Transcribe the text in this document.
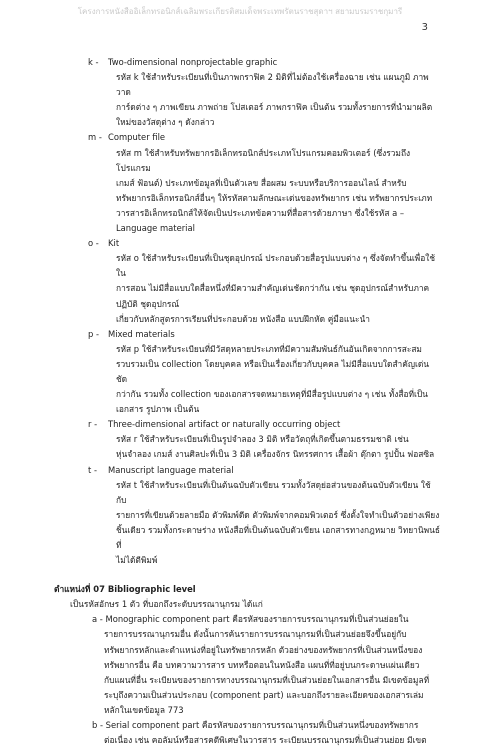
โครงการหนังสืออิเล็กทรอนิกส์เฉลิมพระเกียรติสมเด็จพระเทพรัตนราชสุดาฯ สยามบรมราชกุมารี
3
k - Two-dimensional nonprojectable graphic

รหัส k ใช้สำหรับระเบียนที่เป็นภาพกราฟิค 2 มิติที่ไม่ต้องใช้เครื่องฉาย เช่น แผนภูมิ ภาพวาด

การ์ดต่าง ๆ ภาพเขียน ภาพถ่าย โปสเตอร์ ภาพกราฟิค เป็นต้น รวมทั้งรายการที่นำมาผลิต

ใหม่ของวัสดุต่าง ๆ ดังกล่าว

m - Computer file

รหัส m ใช้สำหรับทรัพยากรอิเล็กทรอนิกส์ประเภทโปรแกรมคอมพิวเตอร์ (ซึ่งรวมถึงโปรแกรม

เกมส์ ฟ้อนต์) ประเภทข้อมูลที่เป็นตัวเลข สื่อผสม ระบบหรือบริการออนไลน์ สำหรับ

ทรัพยากรอิเล็กทรอนิกส์อื่นๆ ให้รหัสตามลักษณะเด่นของทรัพยากร เช่น ทรัพยากรประเภท

วารสารอิเล็กทรอนิกส์ให้จัดเป็นประเภทข้อความที่สื่อสารด้วยภาษา ซึ่งใช้รหัส a – Language material

o - Kit

รหัส o ใช้สำหรับระเบียนที่เป็นชุดอุปกรณ์ ประกอบด้วยสื่อรูปแบบต่าง ๆ ซึ่งจัดทำขึ้นเพื่อใช้ใน

การสอน ไม่มีสื่อแบบใดสื่อหนึ่งที่มีความสำคัญเด่นชัดกว่ากัน เช่น ชุดอุปกรณ์สำหรับภาคปฏิบัติ ชุดอุปกรณ์

เกี่ยวกับหลักสูตรการเรียนที่ประกอบด้วย หนังสือ แบบฝึกหัด คู่มือแนะนำ

p - Mixed materials

รหัส p ใช้สำหรับระเบียนที่มีวัสดุหลายประเภทที่มีความสัมพันธ์กันอันเกิดจากการสะสม

รวบรวมเป็น collection โดยบุคคล หรือเป็นเรื่องเกี่ยวกับบุคคล ไม่มีสื่อแบบใดสำคัญเด่นชัด

กว่ากัน รวมทั้ง collection ของเอกสารจดหมายเหตุที่มีสื่อรูปแบบต่าง ๆ เช่น ทั้งสื่อที่เป็น

เอกสาร รูปภาพ เป็นต้น

r - Three-dimensional artifact or naturally occurring object

รหัส r ใช้สำหรับระเบียนที่เป็นรูปจำลอง 3 มิติ หรือวัตถุที่เกิดขึ้นตามธรรมชาติ เช่น

หุ่นจำลอง เกมส์ งานศิลปะที่เป็น 3 มิติ เครื่องจักร นิทรรศการ เสื้อผ้า ตุ๊กตา รูปปั้น ฟอสซิล

t - Manuscript language material

รหัส t ใช้สำหรับระเบียนที่เป็นต้นฉบับตัวเขียน รวมทั้งวัสดุย่อส่วนของต้นฉบับตัวเขียน ใช้กับ

รายการที่เขียนด้วยลายมือ ตัวพิมพ์ดีด ตัวพิมพ์จากคอมพิวเตอร์ ซึ่งตั้งใจทำเป็นตัวอย่างเพียง

ชิ้นเดียว รวมทั้งกระดาษร่าง หนังสือที่เป็นต้นฉบับตัวเขียน เอกสารทางกฎหมาย วิทยานิพนธ์ที่

ไม่ได้ตีพิมพ์

ตำแหน่งที่ 07 Bibliographic level
เป็นรหัสอักษร 1 ตัว ที่บอกถึงระดับบรรณานุกรม ได้แก่

a - Monographic component part คือรหัสของรายการบรรณานุกรมที่เป็นส่วนย่อยใน

รายการบรรณานุกรมอื่น ดังนั้นการค้นรายการบรรณานุกรมที่เป็นส่วนย่อยจึงขึ้นอยู่กับ

ทรัพยากรหลักและตำแหน่งที่อยู่ในทรัพยากรหลัก ตัวอย่างของทรัพยากรที่เป็นส่วนหนึ่งของ

ทรัพยากรอื่น คือ บทความวารสาร บทหรือตอนในหนังสือ แผนที่ที่อยู่บนกระดาษแผ่นเดียว

กับแผนที่อื่น ระเบียนของรายการทางบรรณานุกรมที่เป็นส่วนย่อยในเอกสารอื่น มีเขตข้อมูลที่

ระบุถึงความเป็นส่วนประกอบ (component part) และบอกถึงรายละเอียดของเอกสารเล่ม

หลักในเขตข้อมูล 773

b - Serial component part คือรหัสของรายการบรรณานุกรมที่เป็นส่วนหนึ่งของทรัพยากร

ต่อเนื่อง เช่น คอลัมน์หรือสารคดีพิเศษในวารสาร ระเบียนบรรณานุกรมที่เป็นส่วนย่อย มีเขต
